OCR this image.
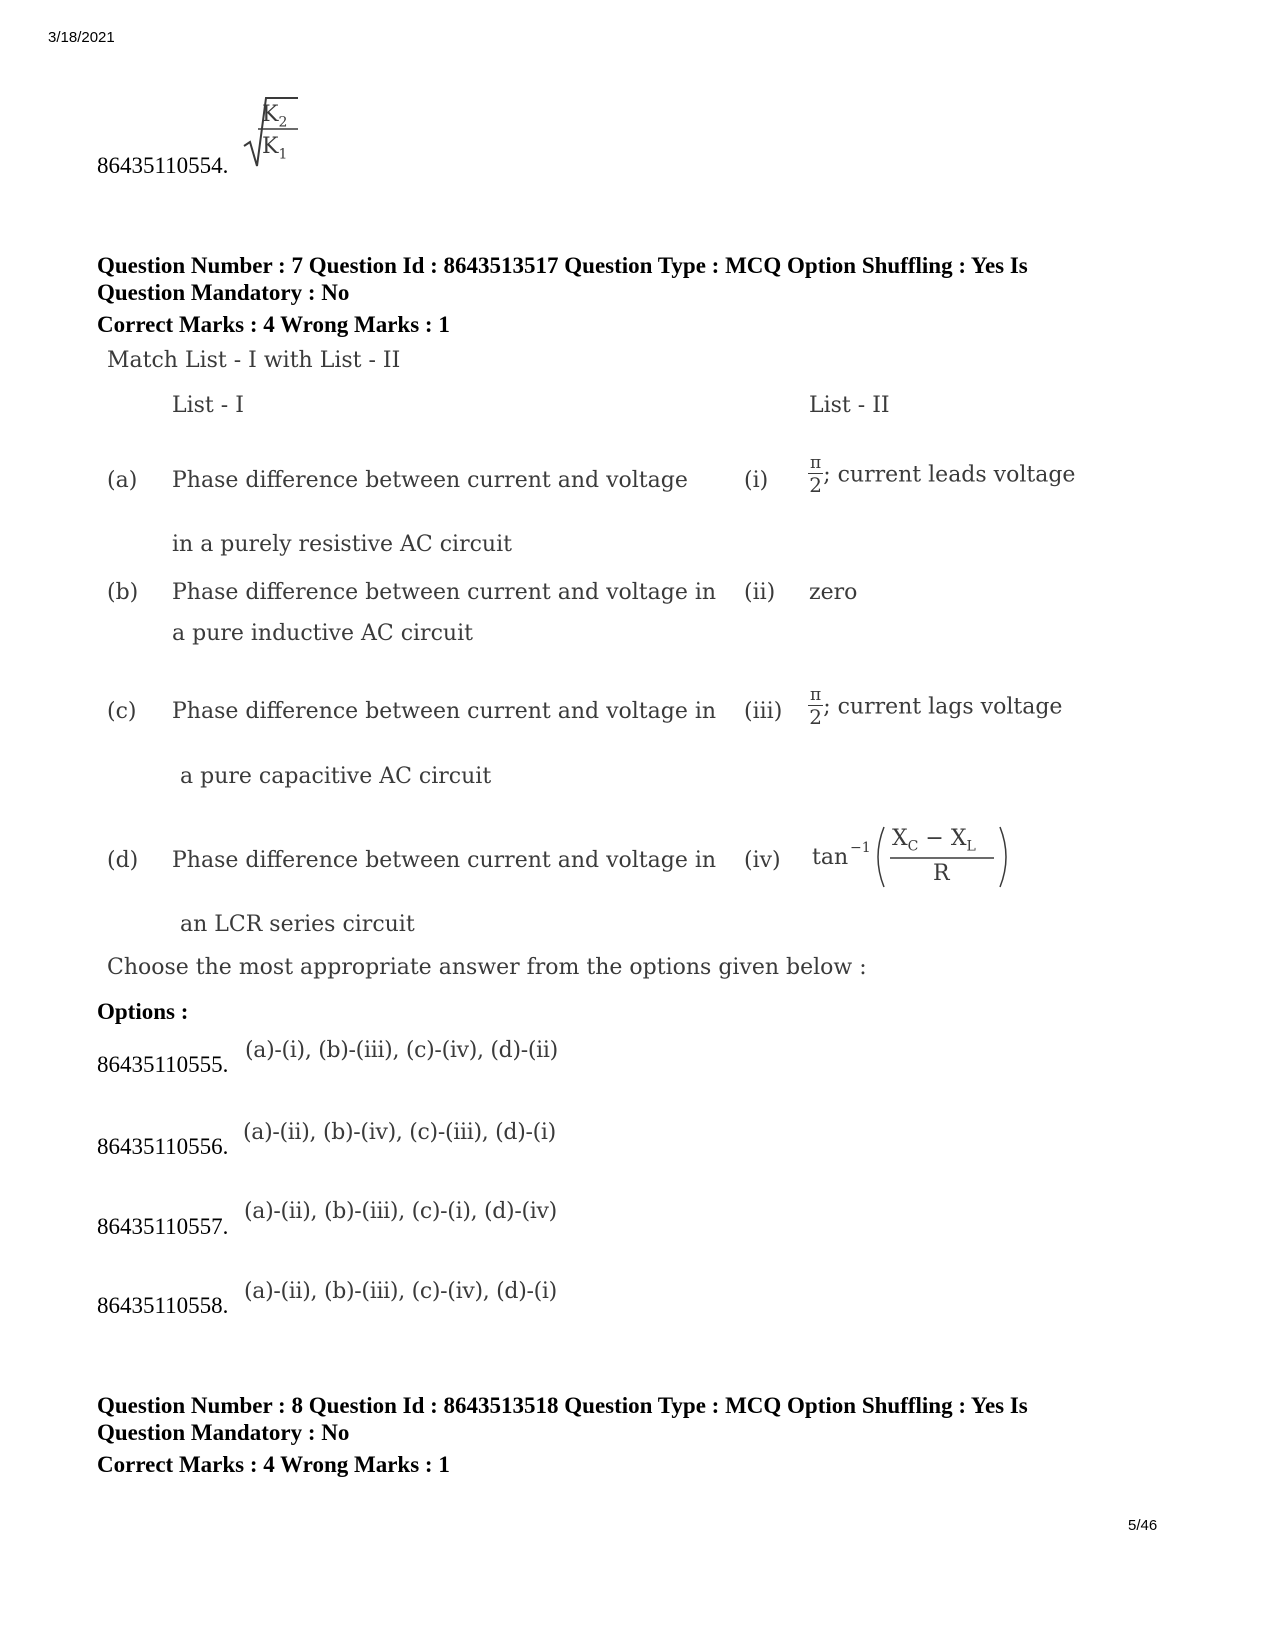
3/18/2021
5/46
86435110554.
$K_2$
$K_1$
Question Number : 7 Question Id : 8643513517 Question Type : MCQ Option Shuffling : Yes Is
Question Mandatory : No
Correct Marks : 4 Wrong Marks : 1
Match List - I with List - II
List - I	List - II
(a) Phase difference between current and voltage
in a purely resistive AC circuit
$(i) \frac{\pi}{2}$ ; current leads voltage
(b) Phase difference between current and voltage in
a pure inductive AC circuit
(ii) zero
(c) Phase difference between current and voltage in
a pure capacitive AC circuit
$(iii) \frac{\pi}{2}$ ; current lags voltage
(d) Phase difference between current and voltage in
an LCR series circuit
(iv) tan −1 $X_C - X_L$
R
Choose the most appropriate answer from the options given below :
Options :
86435110555.
(a)-(i), (b)-(iii), (c)-(iv), (d)-(ii)
86435110556.
(a)-(ii), (b)-(iv), (c)-(iii), (d)-(i)
86435110557.
(a)-(ii), (b)-(iii), (c)-(i), (d)-(iv)
86435110558.
(a)-(ii), (b)-(iii), (c)-(iv), (d)-(i)
Question Number : 8 Question Id : 8643513518 Question Type : MCQ Option Shuffling : Yes Is
Question Mandatory : No
Correct Marks : 4 Wrong Marks : 1
